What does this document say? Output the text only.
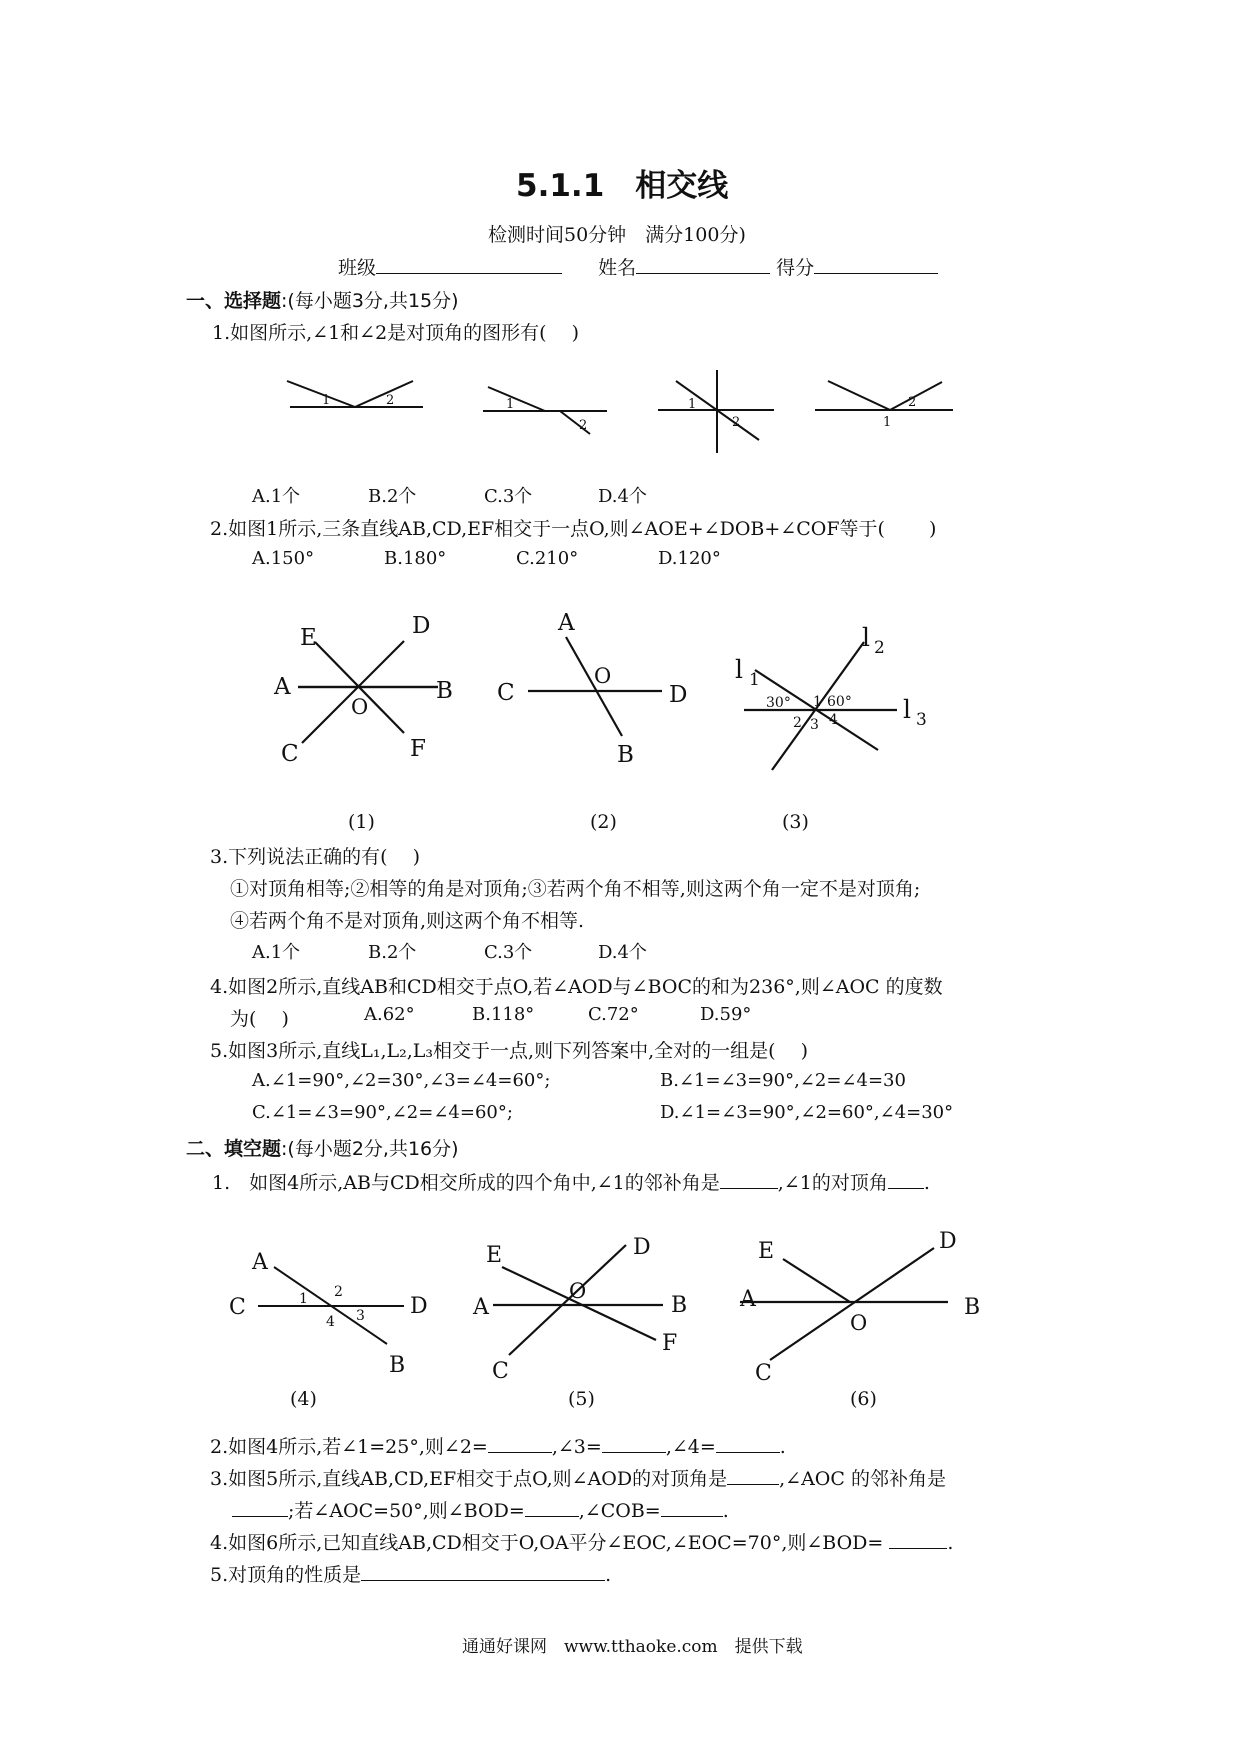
5.1.1　相交线
检测时间50分钟　满分100分)
班级	姓名	得分
一、选择题:(每小题3分,共15分)
1.如图所示,∠1和∠2是对顶角的图形有(　 )
1	2	1
2
1
2
2
1
A.1个	B.2个	C.3个	D.4个
2.如图1所示,三条直线AB,CD,EF相交于一点O,则∠AOE+∠DOB+∠COF等于(　　 )
A.150°	B.180°	C.210°	D.120°
E	D
A	B
O
C	F
(1)
A
O
C	D
B
(2)
l 1
l 2
30° 1 60° l 3
2 3 4
(3)
3.下列说法正确的有(　 )
①对顶角相等;②相等的角是对顶角;③若两个角不相等,则这两个角一定不是对顶角;
④若两个角不是对顶角,则这两个角不相等.
A.1个	B.2个	C.3个	D.4个
4.如图2所示,直线AB和CD相交于点O,若∠AOD与∠BOC的和为236°,则∠AOC 的度数
为(　 )	A.62°	B.118°	C.72°	D.59°
5.如图3所示,直线L₁,L₂,L₃相交于一点,则下列答案中,全对的一组是(　 )
A.∠1=90°,∠2=30°,∠3=∠4=60°;	B.∠1=∠3=90°,∠2=∠4=30
C.∠1=∠3=90°,∠2=∠4=60°;	D.∠1=∠3=90°,∠2=60°,∠4=30°
二、填空题:(每小题2分,共16分)
1.　如图4所示,AB与CD相交所成的四个角中,∠1的邻补角是	,∠1的对顶角 .
A
C	1 2
D
4 3
B
(4)
E	D
O
A	B
C
F
(5)
E	D
A
O
B
C
(6)
2.如图4所示,若∠1=25°,则∠2=	,∠3=	,∠4=	.
3.如图5所示,直线AB,CD,EF相交于点O,则∠AOD的对顶角是	,∠AOC 的邻补角是
;若∠AOC=50°,则∠BOD=	,∠COB=	.
4.如图6所示,已知直线AB,CD相交于O,OA平分∠EOC,∠EOC=70°,则∠BOD=	.
5.对顶角的性质是	.
通通好课网　www.tthaoke.com　提供下载
